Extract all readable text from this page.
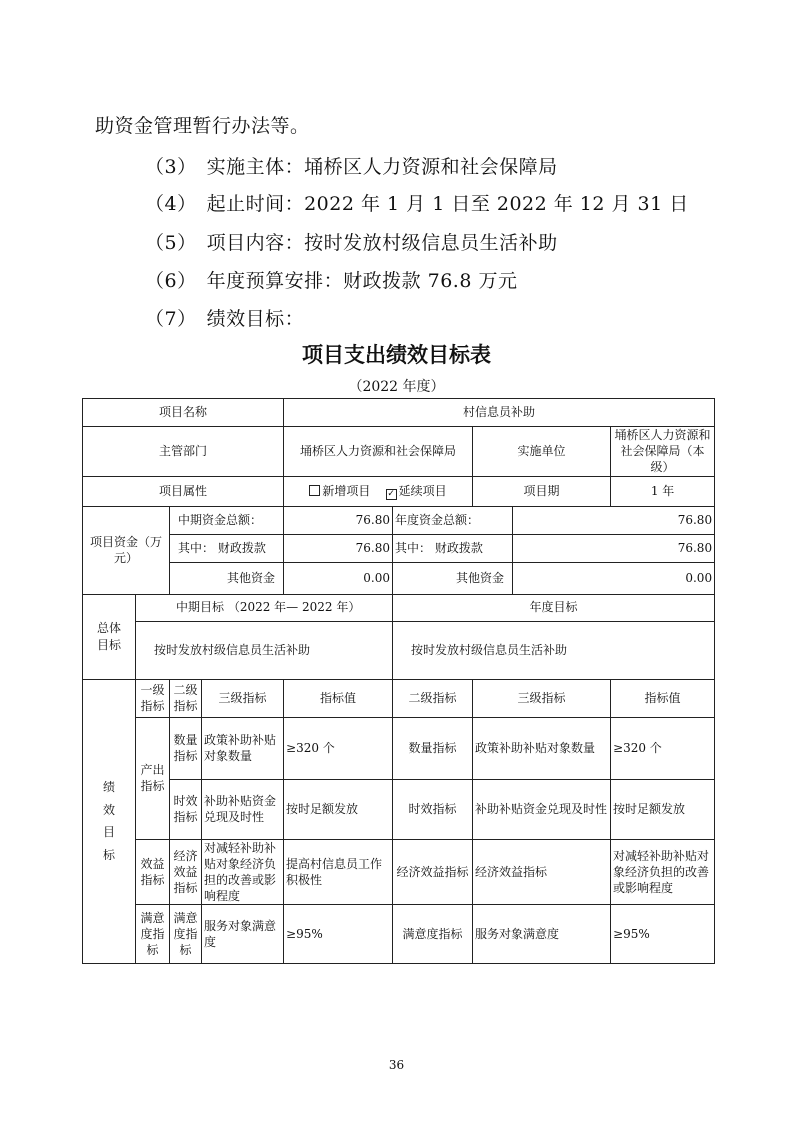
助资金管理暂行办法等。
（3）　实施主体：埇桥区人力资源和社会保障局
（4）　起止时间：2022 年 1 月 1 日至 2022 年 12 月 31 日
（5）　项目内容：按时发放村级信息员生活补助
（6）　年度预算安排：财政拨款 76.8 万元
（7）　绩效目标：
项目支出绩效目标表
（2022 年度）
项目名称				村信息员补助				
主管部门				埇桥区人力资源和社会保障局		实施单位		埇桥区人力资源和社会保障局（本级）
项目属性				新增项目 ✓ 延续项目		项目期		1 年
项目资金（万元）		中期资金总额：		76.80	年度资金总额：		76.80	
		其中： 财政拨款		76.80	其中： 财政拨款		76.80	
		其他资金		0.00	其他资金		0.00	
总体目标	中期目标 （2022 年— 2022 年）				年度目标			
	按时发放村级信息员生活补助				按时发放村级信息员生活补助			
绩效目标	一级指标	二级指标	三级指标	指标值	二级指标	三级指标		指标值
	产出指标	数量指标	政策补助补贴对象数量	≥320 个	数量指标	政策补助补贴对象数量		≥320 个
		时效指标	补助补贴资金兑现及时性	按时足额发放	时效指标	补助补贴资金兑现及时性		按时足额发放
	效益指标	经济效益指标	对减轻补助补贴对象经济负担的改善或影响程度	提高村信息员工作积极性	经济效益指标	经济效益指标		对减轻补助补贴对象经济负担的改善或影响程度
	满意度指标	满意度指标	服务对象满意度	≥95%	满意度指标	服务对象满意度		≥95%
36
